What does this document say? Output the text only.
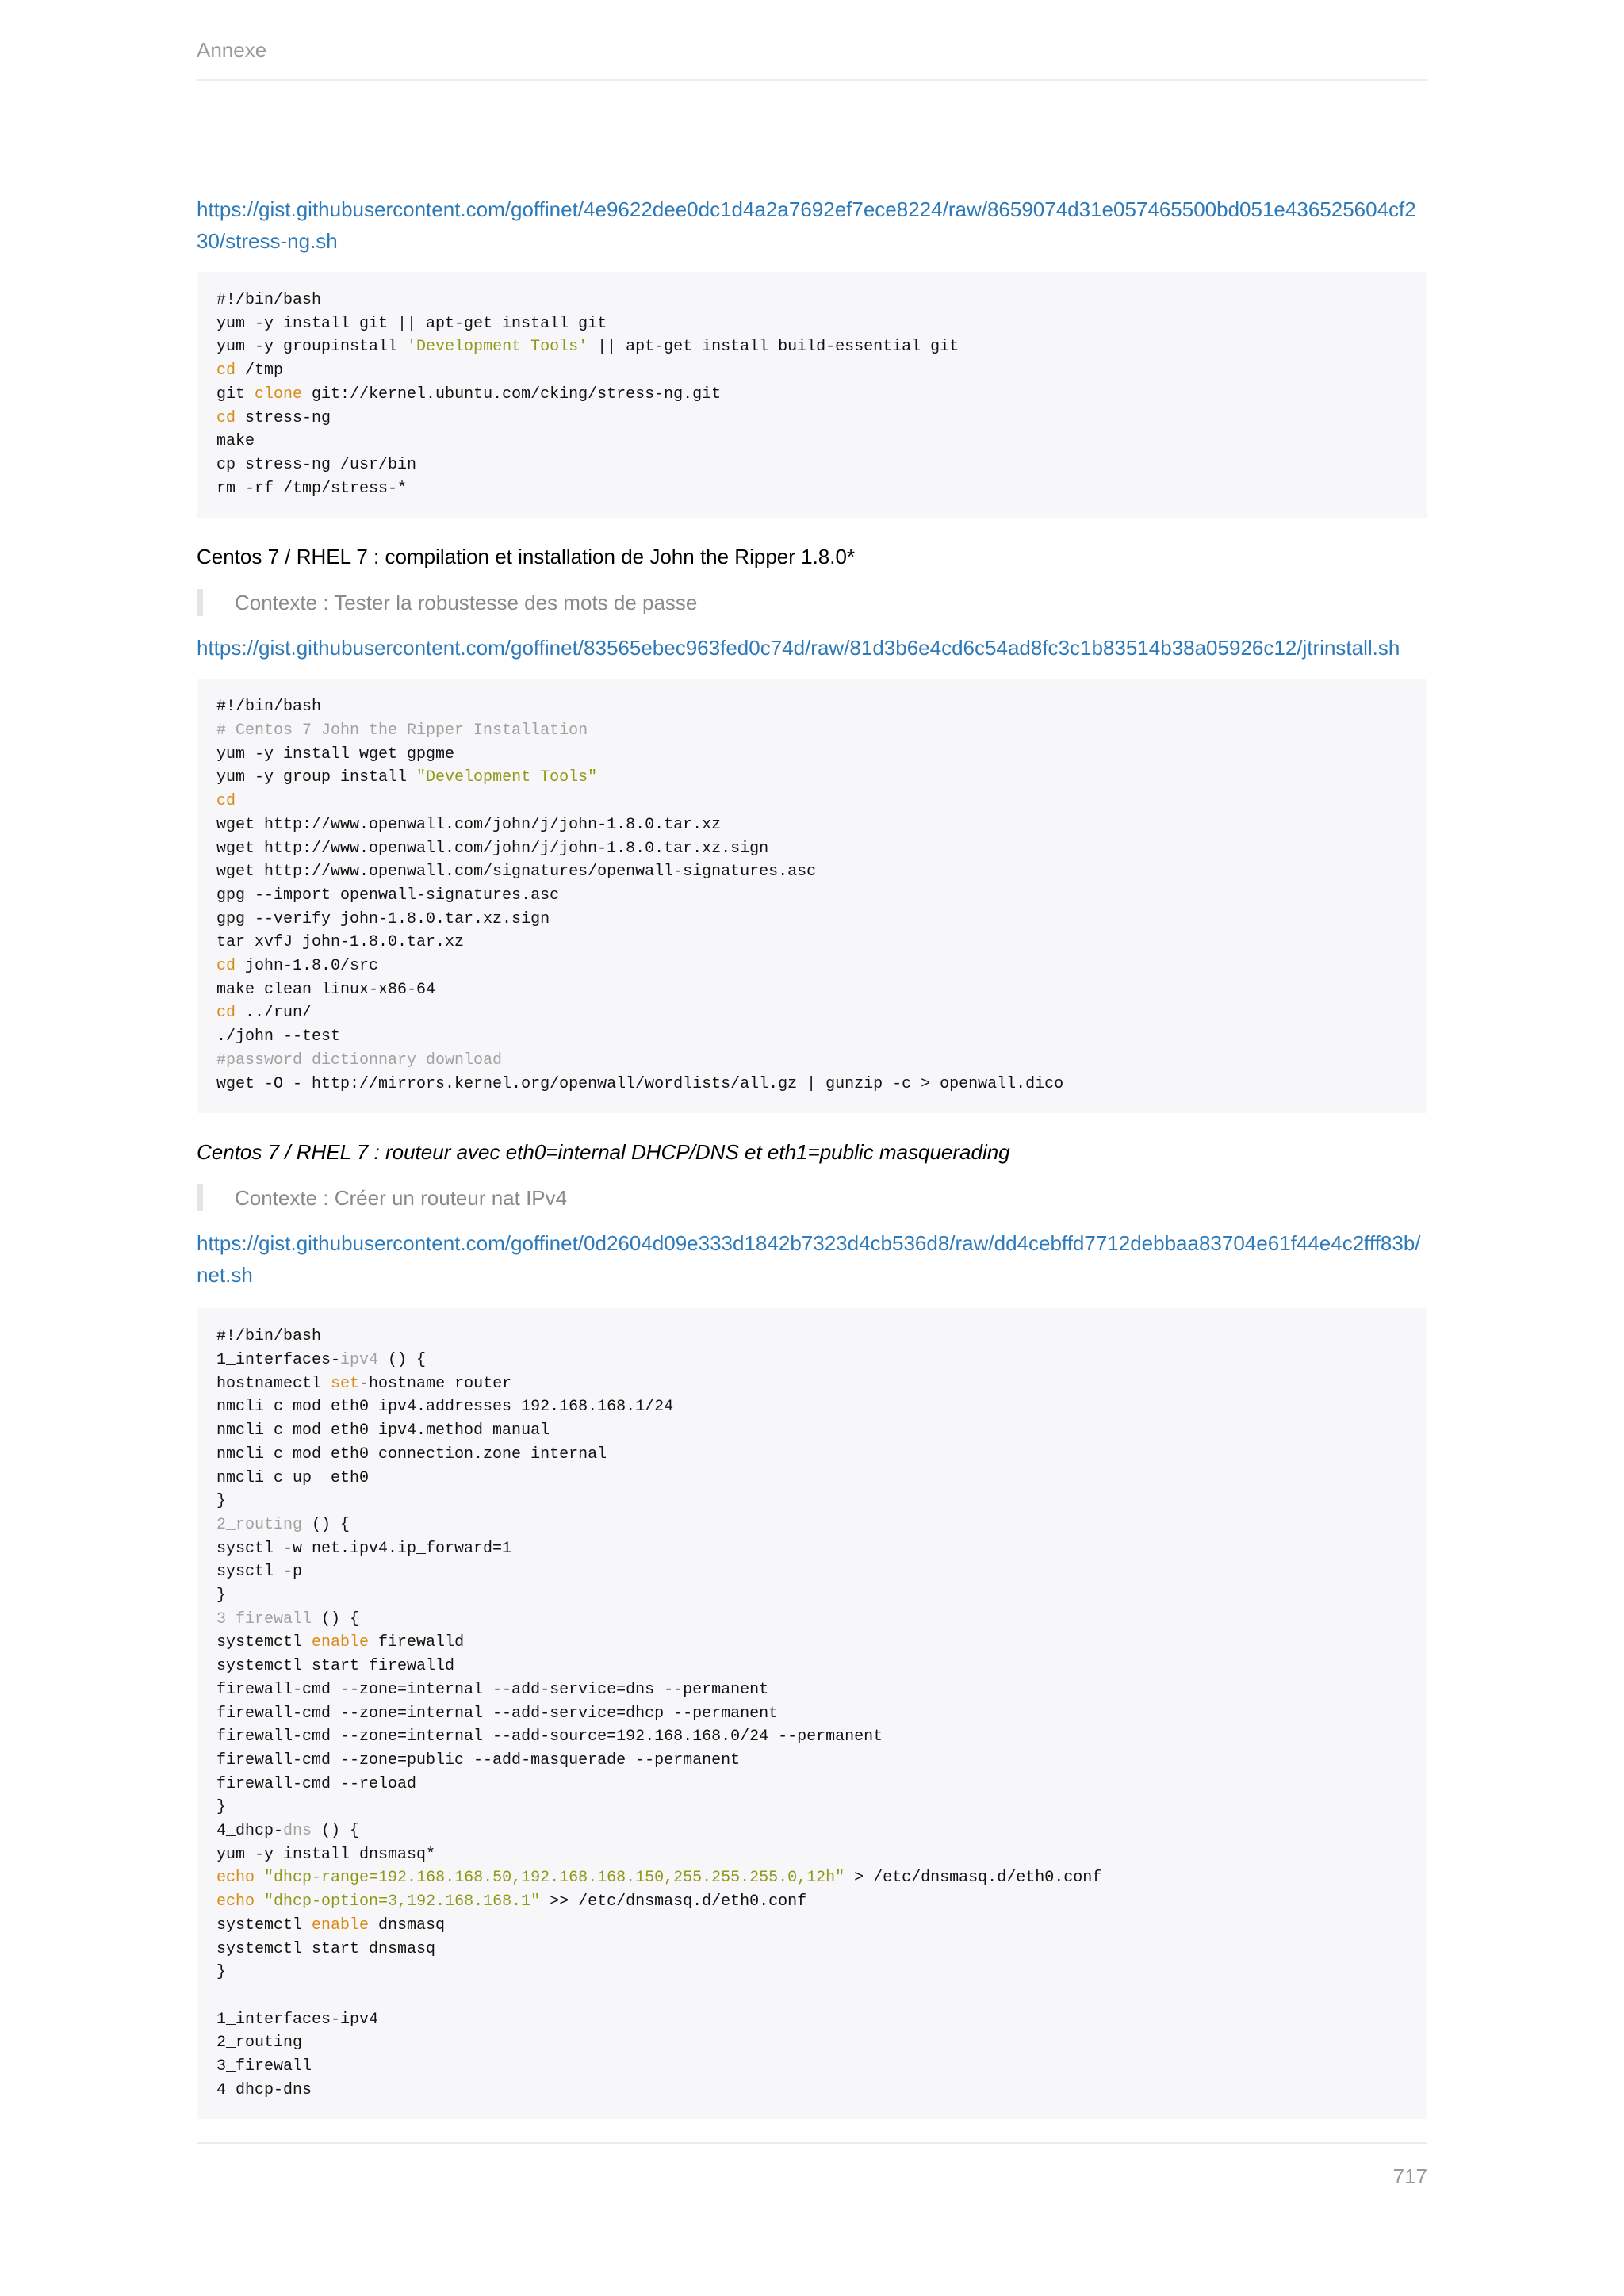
Annexe
https://gist.githubusercontent.com/goffinet/4e9622dee0dc1d4a2a7692ef7ece8224/raw/8659074d31e057465500bd051e436525604cf230/stress-ng.sh
#!/bin/bash
yum -y install git || apt-get install git
yum -y groupinstall 'Development Tools' || apt-get install build-essential git
cd /tmp
git clone git://kernel.ubuntu.com/cking/stress-ng.git
cd stress-ng
make
cp stress-ng /usr/bin
rm -rf /tmp/stress-*
Centos 7 / RHEL 7 : compilation et installation de John the Ripper 1.8.0*
Contexte : Tester la robustesse des mots de passe
https://gist.githubusercontent.com/goffinet/83565ebec963fed0c74d/raw/81d3b6e4cd6c54ad8fc3c1b83514b38a05926c12/jtrinstall.sh
#!/bin/bash
# Centos 7 John the Ripper Installation
yum -y install wget gpgme
yum -y group install "Development Tools"
cd
wget http://www.openwall.com/john/j/john-1.8.0.tar.xz
wget http://www.openwall.com/john/j/john-1.8.0.tar.xz.sign
wget http://www.openwall.com/signatures/openwall-signatures.asc
gpg --import openwall-signatures.asc
gpg --verify john-1.8.0.tar.xz.sign
tar xvfJ john-1.8.0.tar.xz
cd john-1.8.0/src
make clean linux-x86-64
cd ../run/
./john --test
#password dictionnary download
wget -O - http://mirrors.kernel.org/openwall/wordlists/all.gz | gunzip -c > openwall.dico
Centos 7 / RHEL 7 : routeur avec eth0=internal DHCP/DNS et eth1=public masquerading
Contexte : Créer un routeur nat IPv4
https://gist.githubusercontent.com/goffinet/0d2604d09e333d1842b7323d4cb536d8/raw/dd4cebffd7712debbaa83704e61f44e4c2fff83b/net.sh
#!/bin/bash
1_interfaces-ipv4 () {
hostnamectl set-hostname router
nmcli c mod eth0 ipv4.addresses 192.168.168.1/24
nmcli c mod eth0 ipv4.method manual
nmcli c mod eth0 connection.zone internal
nmcli c up  eth0
}
2_routing () {
sysctl -w net.ipv4.ip_forward=1
sysctl -p
}
3_firewall () {
systemctl enable firewalld
systemctl start firewalld
firewall-cmd --zone=internal --add-service=dns --permanent
firewall-cmd --zone=internal --add-service=dhcp --permanent
firewall-cmd --zone=internal --add-source=192.168.168.0/24 --permanent
firewall-cmd --zone=public --add-masquerade --permanent
firewall-cmd --reload
}
4_dhcp-dns () {
yum -y install dnsmasq*
echo "dhcp-range=192.168.168.50,192.168.168.150,255.255.255.0,12h" > /etc/dnsmasq.d/eth0.conf
echo "dhcp-option=3,192.168.168.1" >> /etc/dnsmasq.d/eth0.conf
systemctl enable dnsmasq
systemctl start dnsmasq
}
1_interfaces-ipv4
2_routing
3_firewall
4_dhcp-dns
717
